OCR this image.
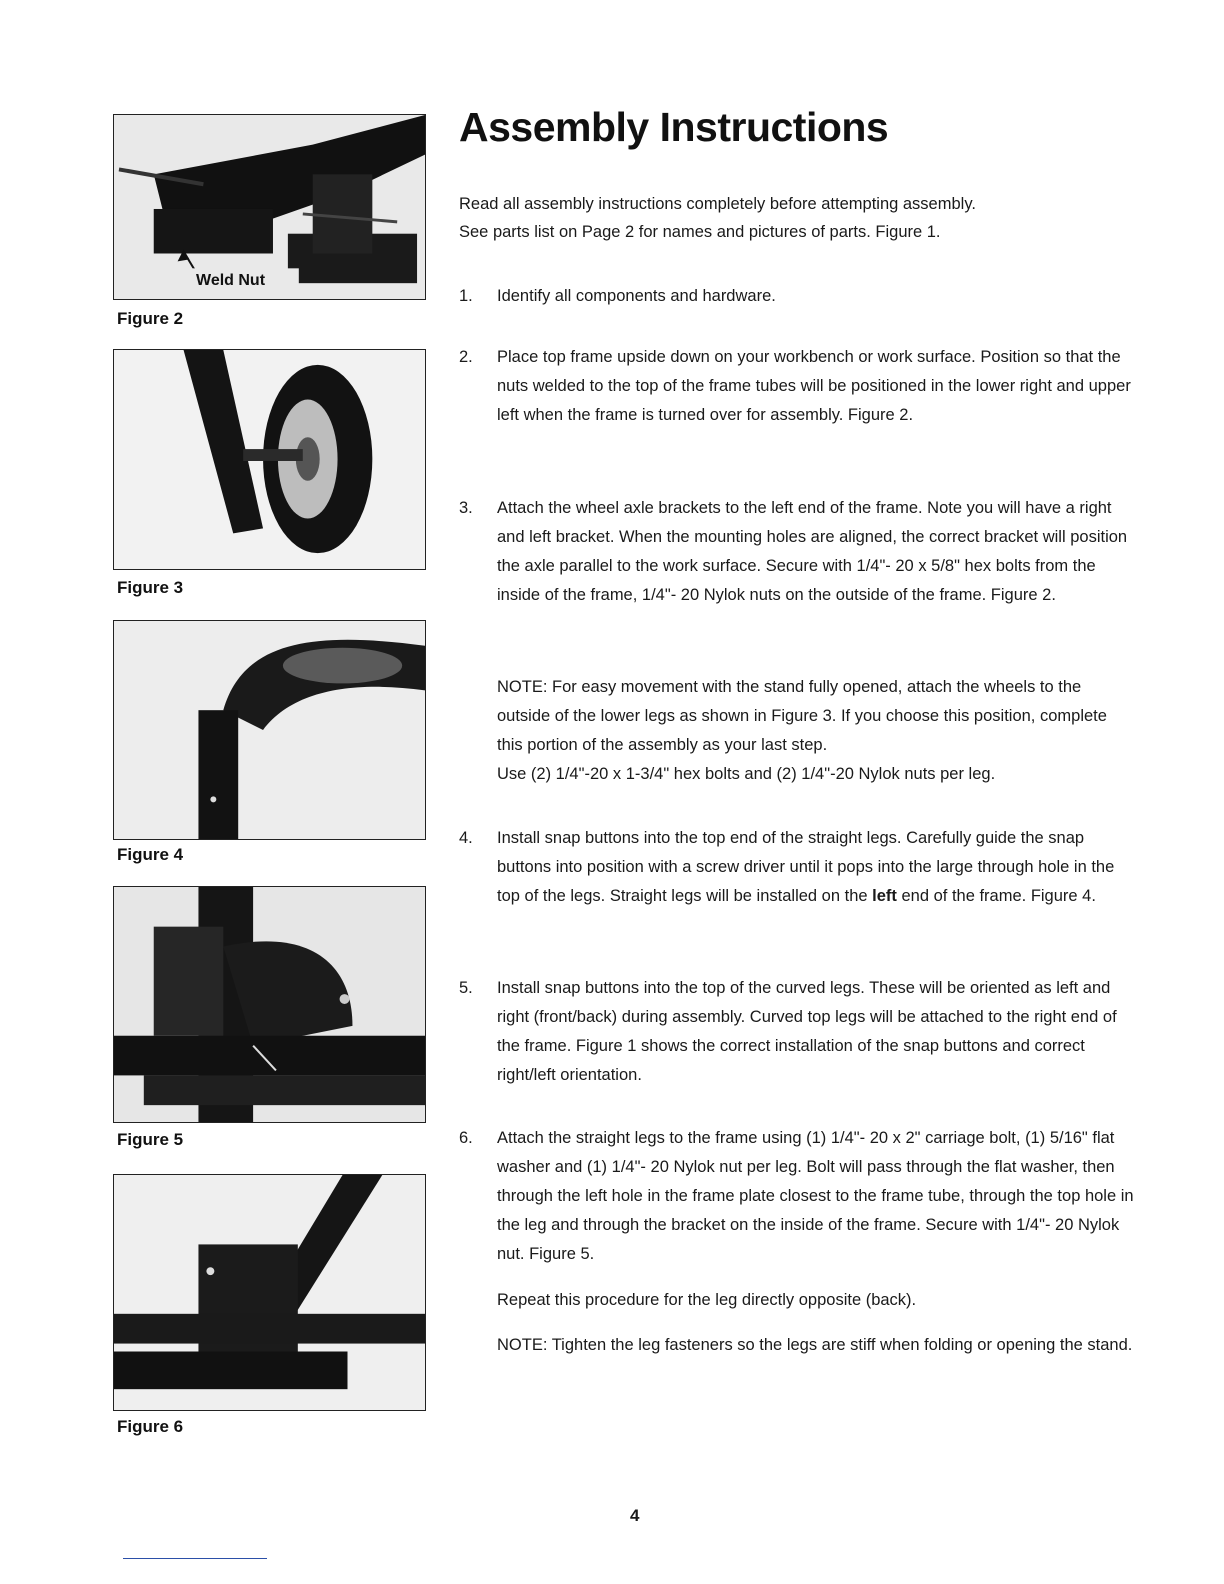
Weld Nut
Figure 2
Figure 3
Figure 4
Figure 5
Figure 6
Assembly Instructions

Read all assembly instructions completely before attempting assembly.

See parts list on Page 2 for names and pictures of parts. Figure 1.

1. Identify all components and hardware.
2. Place top frame upside down on your workbench or work surface. Position so that the nuts welded to the top of the frame tubes will be positioned in the lower right and upper left when the frame is turned over for assembly. Figure 2.
3. Attach the wheel axle brackets to the left end of the frame. Note you will have a right and left bracket. When the mounting holes are aligned, the correct bracket will position the axle parallel to the work surface. Secure with 1/4"- 20 x 5/8" hex bolts from the inside of the frame, 1/4"- 20 Nylok nuts on the outside of the frame. Figure 2.

NOTE: For easy movement with the stand fully opened, attach the wheels to the outside of the lower legs as shown in Figure 3. If you choose this position, complete this portion of the assembly as your last step.

Use (2) 1/4"-20 x 1-3/4" hex bolts and (2) 1/4"-20 Nylok nuts per leg.

4. Install snap buttons into the top end of the straight legs. Carefully guide the snap buttons into position with a screw driver until it pops into the large through hole in the top of the legs. Straight legs will be installed on the left end of the frame. Figure 4.
5. Install snap buttons into the top of the curved legs. These will be oriented as left and right (front/back) during assembly. Curved top legs will be attached to the right end of the frame. Figure 1 shows the correct installation of the snap buttons and correct right/left orientation.
6. Attach the straight legs to the frame using (1) 1/4"- 20 x 2" carriage bolt, (1) 5/16" flat washer and (1) 1/4"- 20 Nylok nut per leg. Bolt will pass through the flat washer, then through the left hole in the frame plate closest to the frame tube, through the top hole in the leg and through the bracket on the inside of the frame. Secure with 1/4"- 20 Nylok nut. Figure 5.

Repeat this procedure for the leg directly opposite (back).

NOTE: Tighten the leg fasteners so the legs are stiff when folding or opening the stand.

4
